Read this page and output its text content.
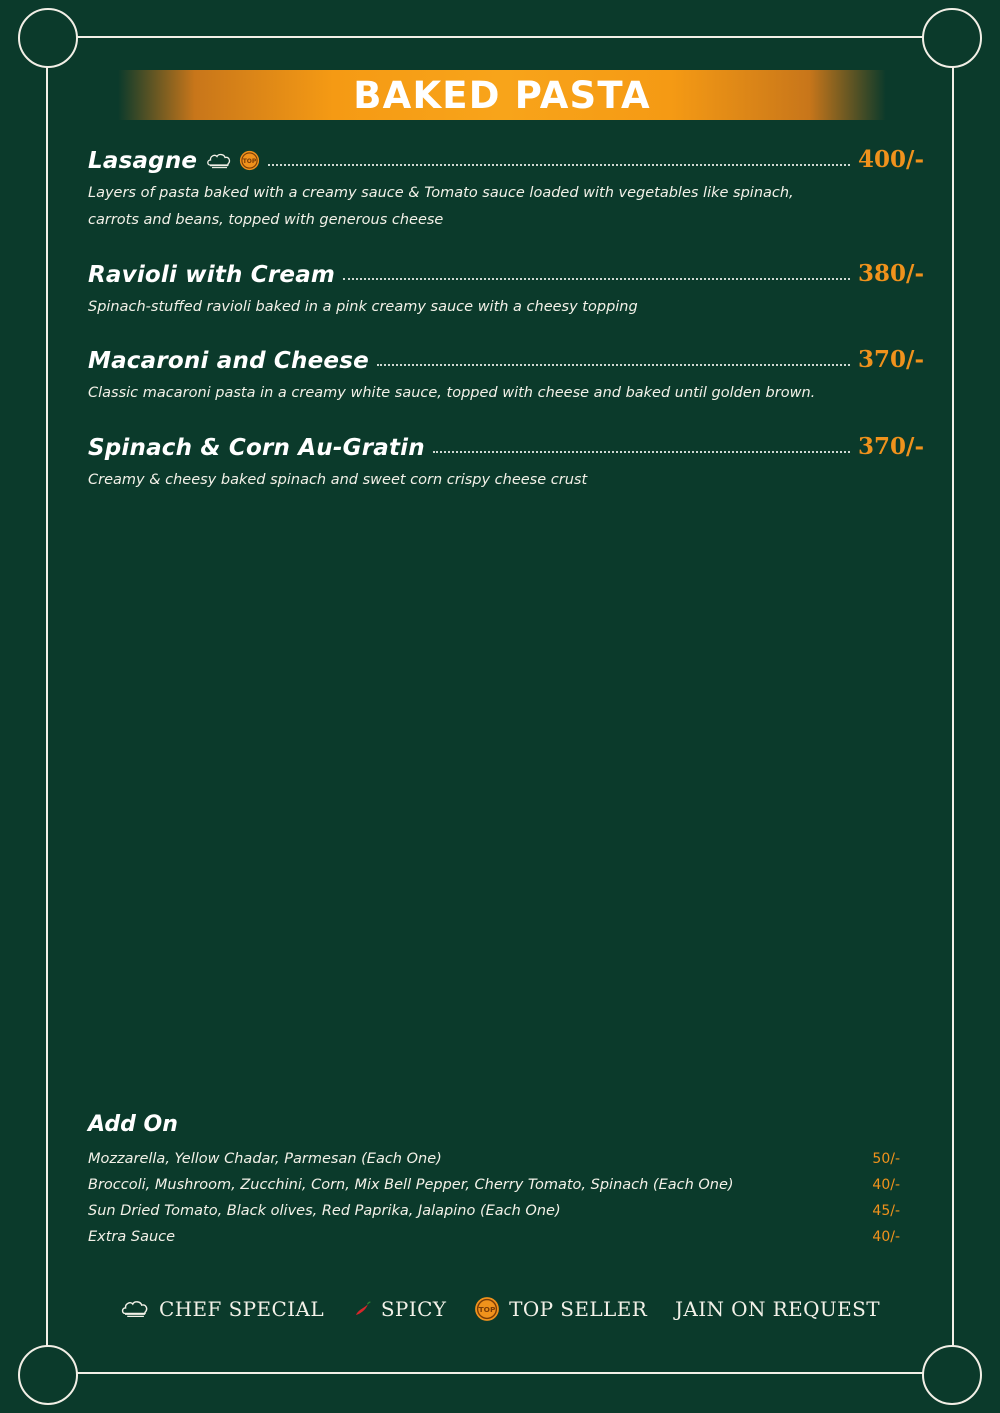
BAKED PASTA
Lasagne	TOP	400/-
Layers of pasta baked with a creamy sauce & Tomato sauce loaded with vegetables like spinach, carrots and beans, topped with generous cheese
Ravioli with Cream	380/-
Spinach-stuffed ravioli baked in a pink creamy sauce with a cheesy topping
Macaroni and Cheese	370/-
Classic macaroni pasta in a creamy white sauce, topped with cheese and baked until golden brown.
Spinach & Corn Au-Gratin	370/-
Creamy & cheesy baked spinach and sweet corn crispy cheese crust
Add On
Mozzarella, Yellow Chadar, Parmesan (Each One)	50/-
Broccoli, Mushroom, Zucchini, Corn, Mix Bell Pepper, Cherry Tomato, Spinach (Each One)	40/-
Sun Dried Tomato, Black olives, Red Paprika, Jalapino (Each One)	45/-
Extra Sauce	40/-
CHEF SPECIAL	SPICY	TOP TOP SELLER JAIN ON REQUEST
